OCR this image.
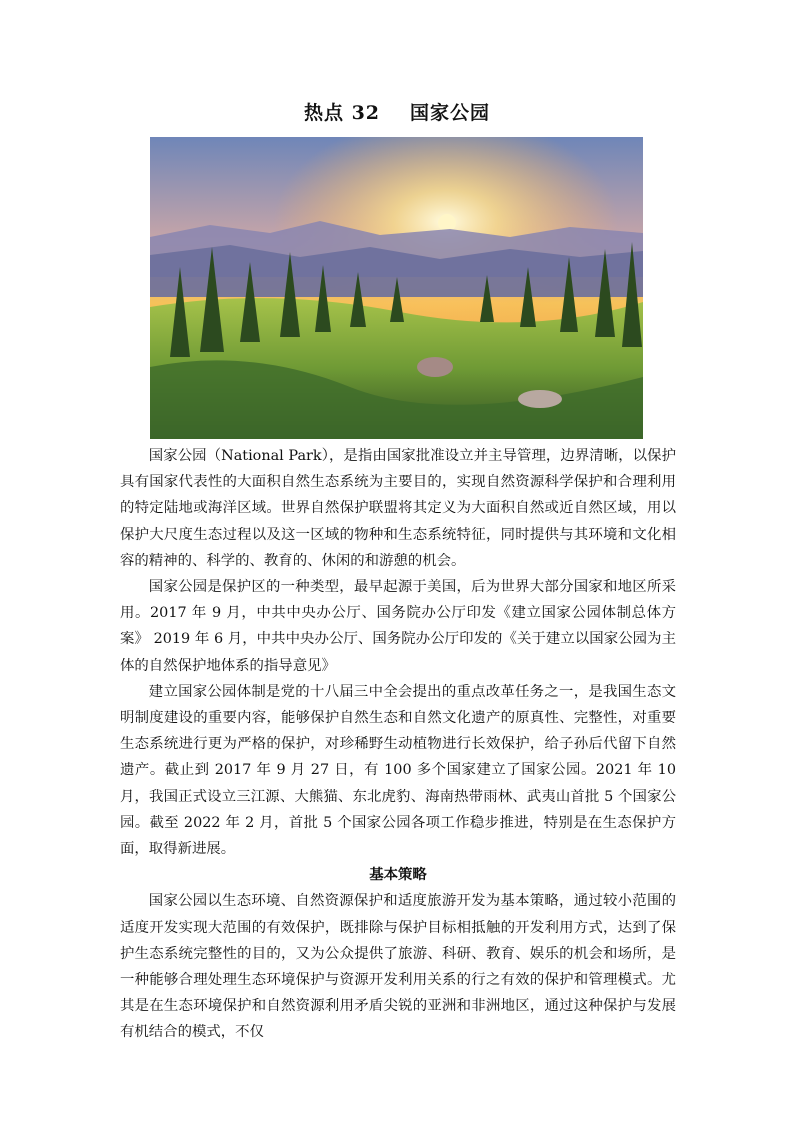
热点 32 国家公园

国家公园（National Park），是指由国家批准设立并主导管理，边界清晰，以保护具有国家代表性的大面积自然生态系统为主要目的，实现自然资源科学保护和合理利用的特定陆地或海洋区域。世界自然保护联盟将其定义为大面积自然或近自然区域，用以保护大尺度生态过程以及这一区域的物种和生态系统特征，同时提供与其环境和文化相容的精神的、科学的、教育的、休闲的和游憩的机会。

国家公园是保护区的一种类型，最早起源于美国，后为世界大部分国家和地区所采用。2017 年 9 月，中共中央办公厅、国务院办公厅印发《建立国家公园体制总体方案》 2019 年 6 月，中共中央办公厅、国务院办公厅印发的《关于建立以国家公园为主体的自然保护地体系的指导意见》

建立国家公园体制是党的十八届三中全会提出的重点改革任务之一，是我国生态文明制度建设的重要内容，能够保护自然生态和自然文化遗产的原真性、完整性，对重要生态系统进行更为严格的保护，对珍稀野生动植物进行长效保护，给子孙后代留下自然遗产。截止到 2017 年 9 月 27 日，有 100 多个国家建立了国家公园。2021 年 10 月，我国正式设立三江源、大熊猫、东北虎豹、海南热带雨林、武夷山首批 5 个国家公园。截至 2022 年 2 月，首批 5 个国家公园各项工作稳步推进，特别是在生态保护方面，取得新进展。

基本策略

国家公园以生态环境、自然资源保护和适度旅游开发为基本策略，通过较小范围的适度开发实现大范围的有效保护，既排除与保护目标相抵触的开发利用方式，达到了保护生态系统完整性的目的，又为公众提供了旅游、科研、教育、娱乐的机会和场所，是一种能够合理处理生态环境保护与资源开发利用关系的行之有效的保护和管理模式。尤其是在生态环境保护和自然资源利用矛盾尖锐的亚洲和非洲地区，通过这种保护与发展有机结合的模式，不仅
